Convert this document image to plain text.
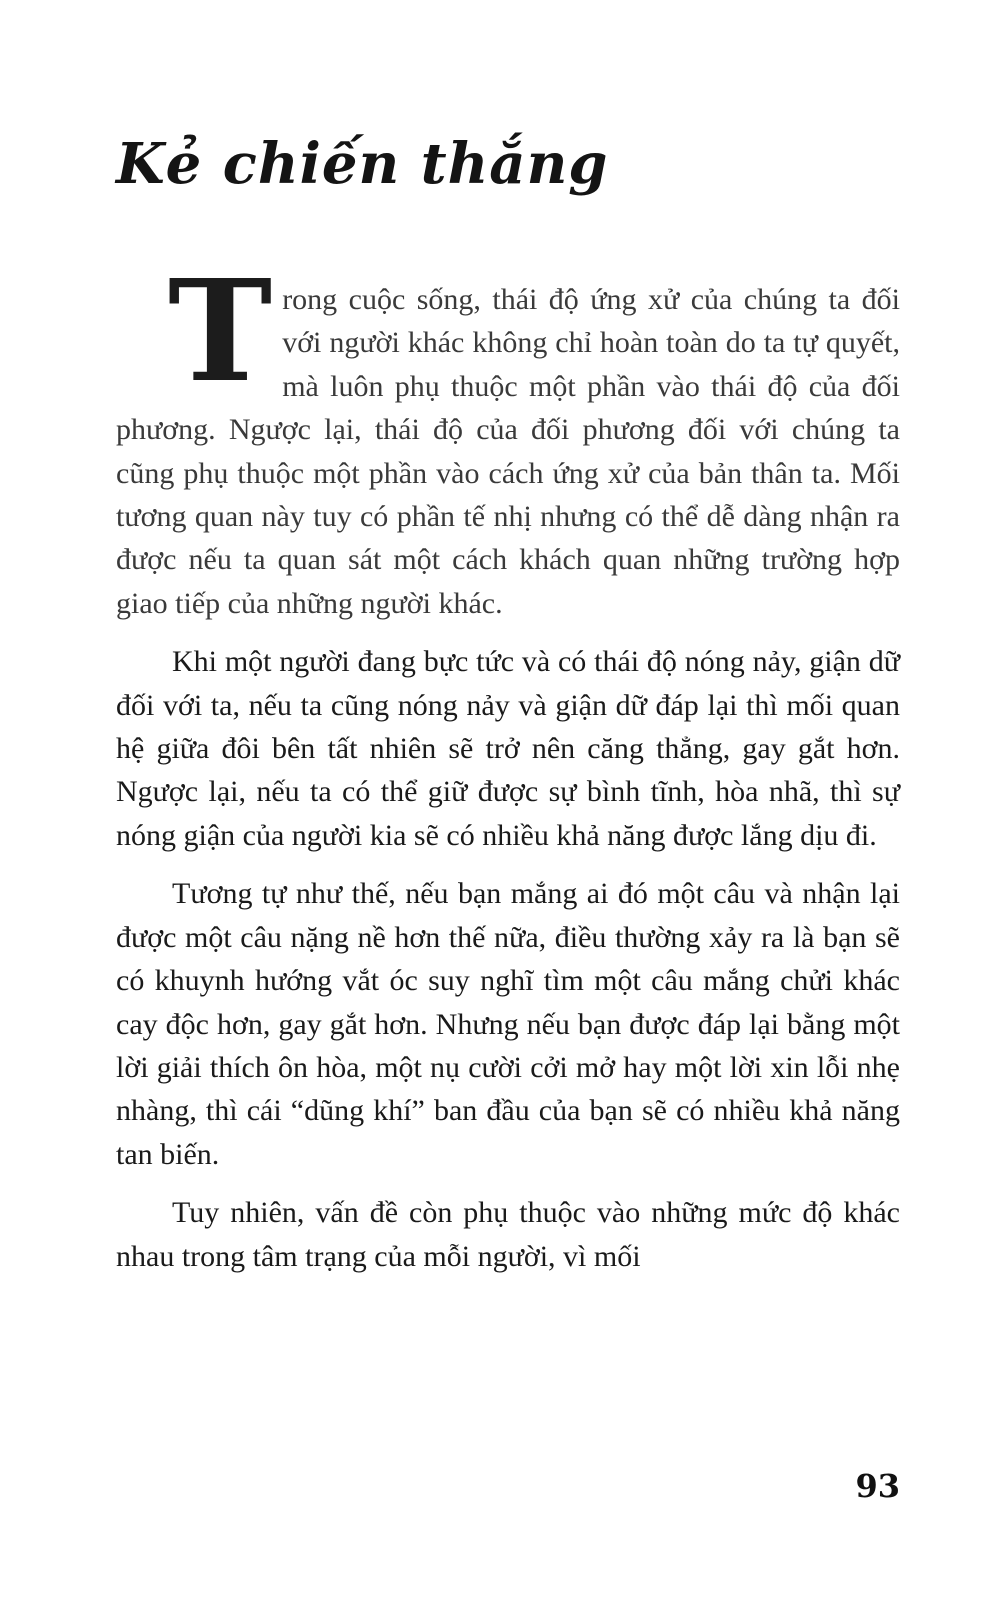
Kẻ chiến thắng

Trong cuộc sống, thái độ ứng xử của chúng ta đối với người khác không chỉ hoàn toàn do ta tự quyết, mà luôn phụ thuộc một phần vào thái độ của đối phương. Ngược lại, thái độ của đối phương đối với chúng ta cũng phụ thuộc một phần vào cách ứng xử của bản thân ta. Mối tương quan này tuy có phần tế nhị nhưng có thể dễ dàng nhận ra được nếu ta quan sát một cách khách quan những trường hợp giao tiếp của những người khác.

Khi một người đang bực tức và có thái độ nóng nảy, giận dữ đối với ta, nếu ta cũng nóng nảy và giận dữ đáp lại thì mối quan hệ giữa đôi bên tất nhiên sẽ trở nên căng thẳng, gay gắt hơn. Ngược lại, nếu ta có thể giữ được sự bình tĩnh, hòa nhã, thì sự nóng giận của người kia sẽ có nhiều khả năng được lắng dịu đi.

Tương tự như thế, nếu bạn mắng ai đó một câu và nhận lại được một câu nặng nề hơn thế nữa, điều thường xảy ra là bạn sẽ có khuynh hướng vắt óc suy nghĩ tìm một câu mắng chửi khác cay độc hơn, gay gắt hơn. Nhưng nếu bạn được đáp lại bằng một lời giải thích ôn hòa, một nụ cười cởi mở hay một lời xin lỗi nhẹ nhàng, thì cái “dũng khí” ban đầu của bạn sẽ có nhiều khả năng tan biến.

Tuy nhiên, vấn đề còn phụ thuộc vào những mức độ khác nhau trong tâm trạng của mỗi người, vì mối

93
